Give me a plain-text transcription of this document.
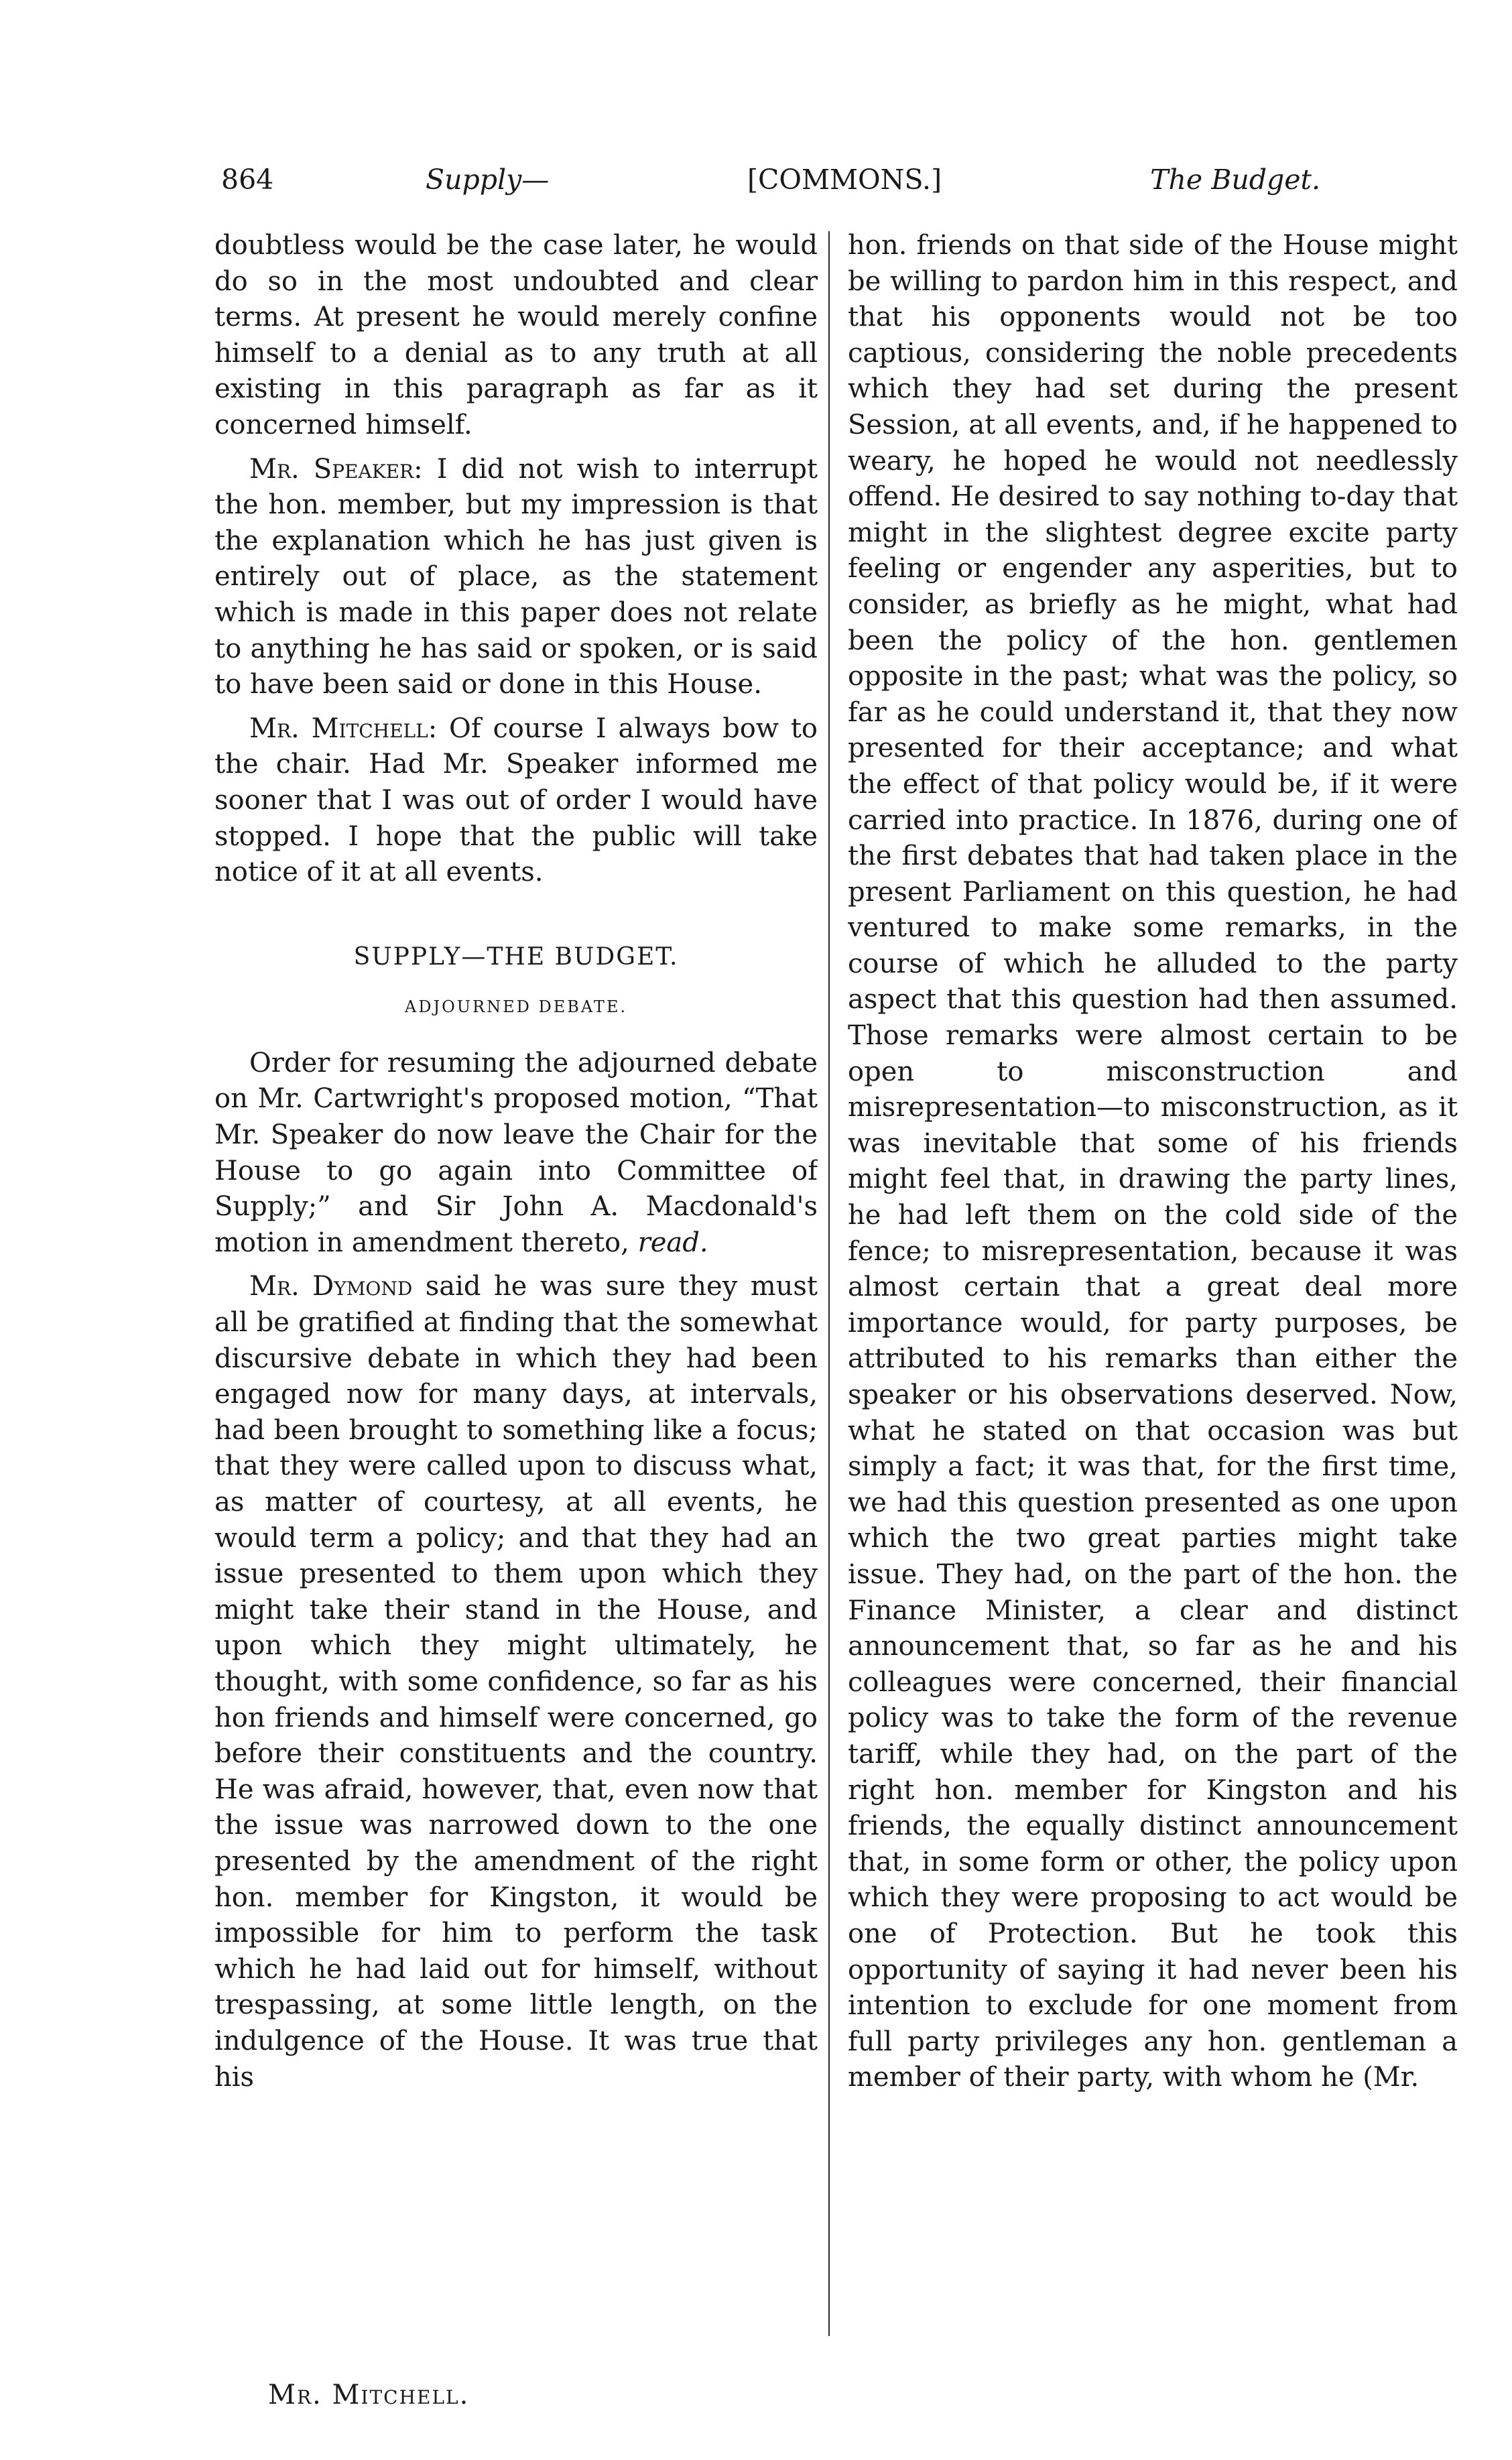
864	Supply—	[COMMONS.]	The Budget.

doubtless would be the case later, he would do so in the most undoubted and clear terms. At present he would merely confine himself to a denial as to any truth at all existing in this paragraph as far as it concerned himself.

Mr. Speaker: I did not wish to interrupt the hon. member, but my impression is that the explanation which he has just given is entirely out of place, as the statement which is made in this paper does not relate to anything he has said or spoken, or is said to have been said or done in this House.

Mr. Mitchell: Of course I always bow to the chair. Had Mr. Speaker informed me sooner that I was out of order I would have stopped. I hope that the public will take notice of it at all events.

SUPPLY—THE BUDGET.

ADJOURNED DEBATE.

Order for resuming the adjourned debate on Mr. Cartwright's proposed motion, “That Mr. Speaker do now leave the Chair for the House to go again into Committee of Supply;” and Sir John A. Macdonald's motion in amendment thereto, read.

Mr. Dymond said he was sure they must all be gratified at finding that the somewhat discursive debate in which they had been engaged now for many days, at intervals, had been brought to something like a focus; that they were called upon to discuss what, as matter of courtesy, at all events, he would term a policy; and that they had an issue presented to them upon which they might take their stand in the House, and upon which they might ultimately, he thought, with some confidence, so far as his hon friends and himself were concerned, go before their constituents and the country. He was afraid, however, that, even now that the issue was narrowed down to the one presented by the amendment of the right hon. member for Kingston, it would be impossible for him to perform the task which he had laid out for himself, without trespassing, at some little length, on the indulgence of the House. It was true that his

hon. friends on that side of the House might be willing to pardon him in this respect, and that his opponents would not be too captious, considering the noble precedents which they had set during the present Session, at all events, and, if he happened to weary, he hoped he would not needlessly offend. He desired to say nothing to-day that might in the slightest degree excite party feeling or engender any asperities, but to consider, as briefly as he might, what had been the policy of the hon. gentlemen opposite in the past; what was the policy, so far as he could understand it, that they now presented for their acceptance; and what the effect of that policy would be, if it were carried into practice. In 1876, during one of the first debates that had taken place in the present Parliament on this question, he had ventured to make some remarks, in the course of which he alluded to the party aspect that this question had then assumed. Those remarks were almost certain to be open to misconstruction and misrepresentation—to misconstruction, as it was inevitable that some of his friends might feel that, in drawing the party lines, he had left them on the cold side of the fence; to misrepresentation, because it was almost certain that a great deal more importance would, for party purposes, be attributed to his remarks than either the speaker or his observations deserved. Now, what he stated on that occasion was but simply a fact; it was that, for the first time, we had this question presented as one upon which the two great parties might take issue. They had, on the part of the hon. the Finance Minister, a clear and distinct announcement that, so far as he and his colleagues were concerned, their financial policy was to take the form of the revenue tariff, while they had, on the part of the right hon. member for Kingston and his friends, the equally distinct announcement that, in some form or other, the policy upon which they were proposing to act would be one of Protection. But he took this opportunity of saying it had never been his intention to exclude for one moment from full party privileges any hon. gentleman a member of their party, with whom he (Mr.

Mr. Mitchell.
